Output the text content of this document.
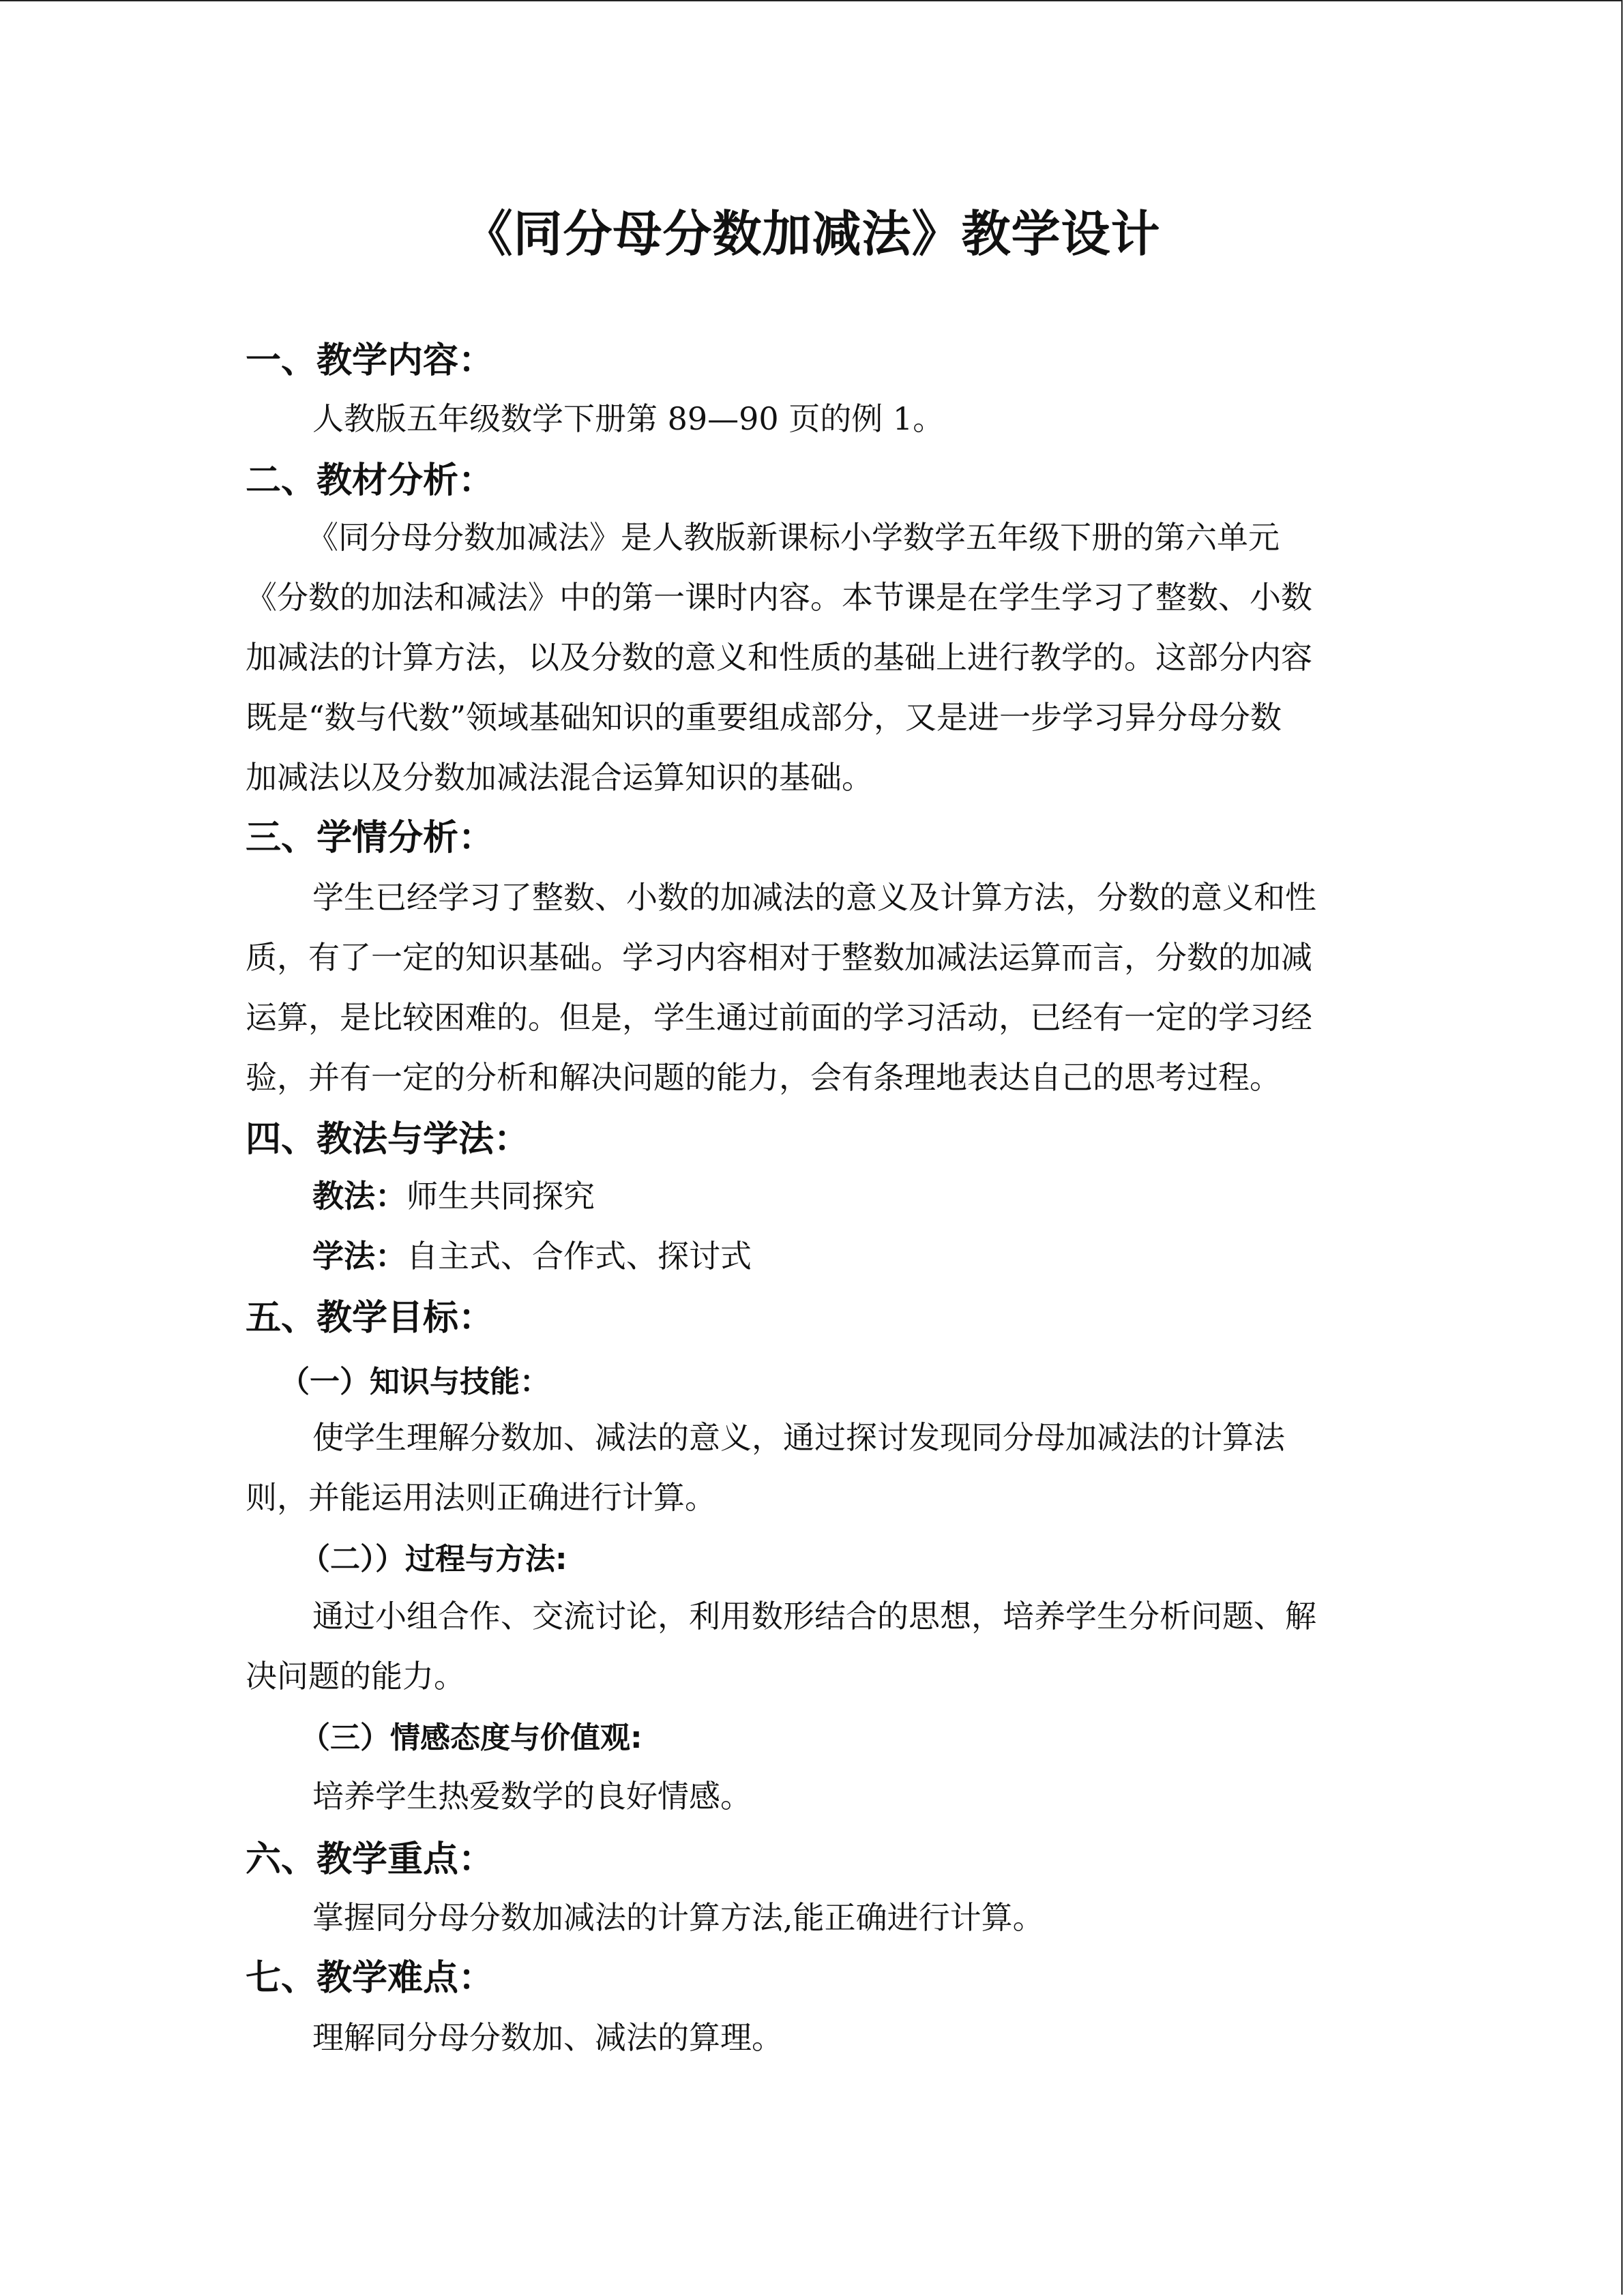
《同分母分数加减法》教学设计
一、教学内容：
人教版五年级数学下册第 89—90 页的例 1。
二、教材分析：
《同分母分数加减法》是人教版新课标小学数学五年级下册的第六单元
《分数的加法和减法》中的第一课时内容。本节课是在学生学习了整数、小数
加减法的计算方法，以及分数的意义和性质的基础上进行教学的。这部分内容
既是“数与代数”领域基础知识的重要组成部分，又是进一步学习异分母分数
加减法以及分数加减法混合运算知识的基础。
三、学情分析：
学生已经学习了整数、小数的加减法的意义及计算方法，分数的意义和性
质，有了一定的知识基础。学习内容相对于整数加减法运算而言，分数的加减
运算，是比较困难的。但是，学生通过前面的学习活动，已经有一定的学习经
验，并有一定的分析和解决问题的能力，会有条理地表达自己的思考过程。
四、教法与学法：
教法：师生共同探究
学法：自主式、合作式、探讨式
五、教学目标：
（一）知识与技能：
使学生理解分数加、减法的意义，通过探讨发现同分母加减法的计算法
则，并能运用法则正确进行计算。
（二））过程与方法:
通过小组合作、交流讨论，利用数形结合的思想，培养学生分析问题、解
决问题的能力。
（三）情感态度与价值观:
培养学生热爱数学的良好情感。
六、教学重点：
掌握同分母分数加减法的计算方法,能正确进行计算。
七、教学难点：
理解同分母分数加、减法的算理。
